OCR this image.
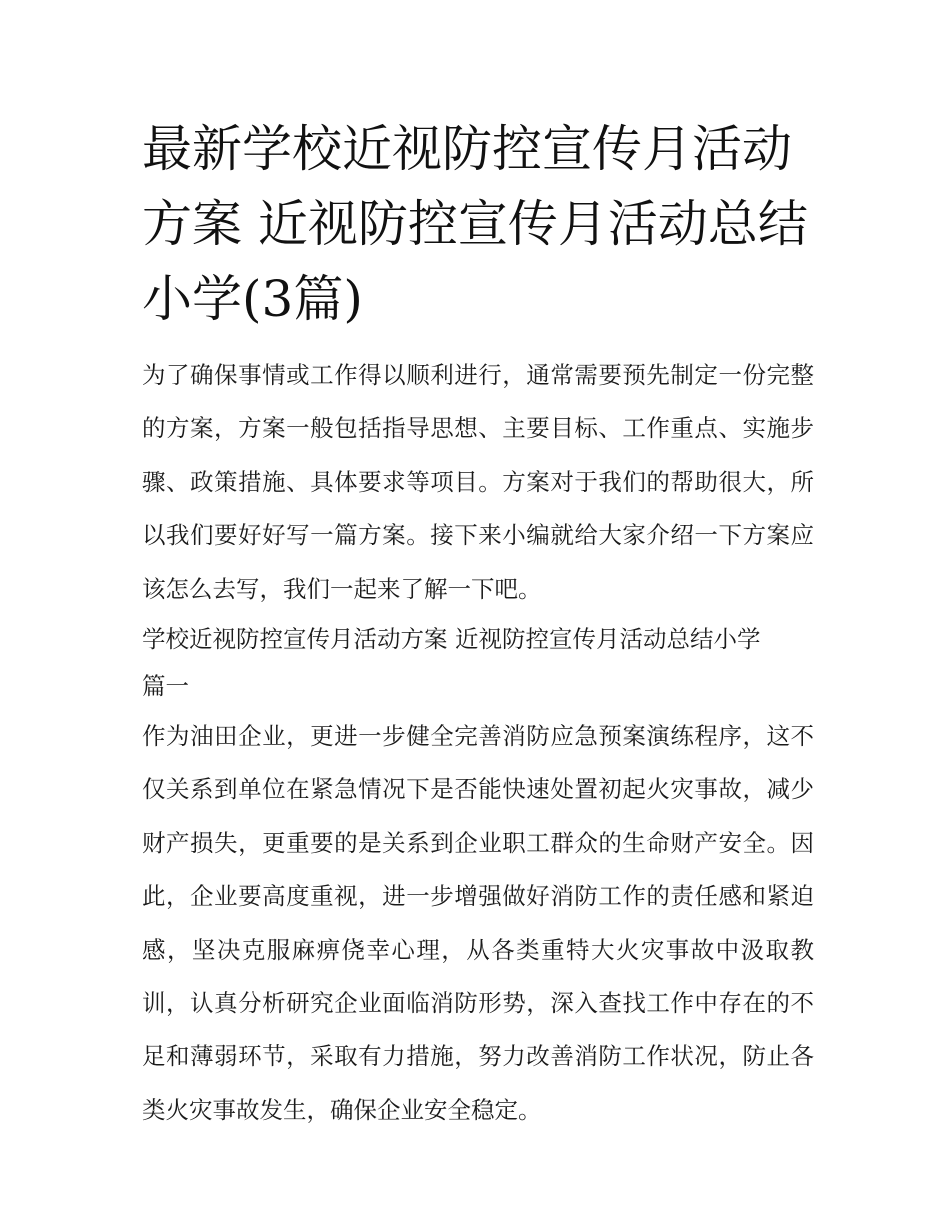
最新学校近视防控宣传月活动方案 近视防控宣传月活动总结小学(3篇)

为了确保事情或工作得以顺利进行，通常需要预先制定一份完整的方案，方案一般包括指导思想、主要目标、工作重点、实施步骤、政策措施、具体要求等项目。方案对于我们的帮助很大，所以我们要好好写一篇方案。接下来小编就给大家介绍一下方案应该怎么去写，我们一起来了解一下吧。

学校近视防控宣传月活动方案 近视防控宣传月活动总结小学

篇一

作为油田企业，更进一步健全完善消防应急预案演练程序，这不仅关系到单位在紧急情况下是否能快速处置初起火灾事故，减少财产损失，更重要的是关系到企业职工群众的生命财产安全。因此，企业要高度重视，进一步增强做好消防工作的责任感和紧迫感，坚决克服麻痹侥幸心理，从各类重特大火灾事故中汲取教训，认真分析研究企业面临消防形势，深入查找工作中存在的不足和薄弱环节，采取有力措施，努力改善消防工作状况，防止各类火灾事故发生，确保企业安全稳定。
